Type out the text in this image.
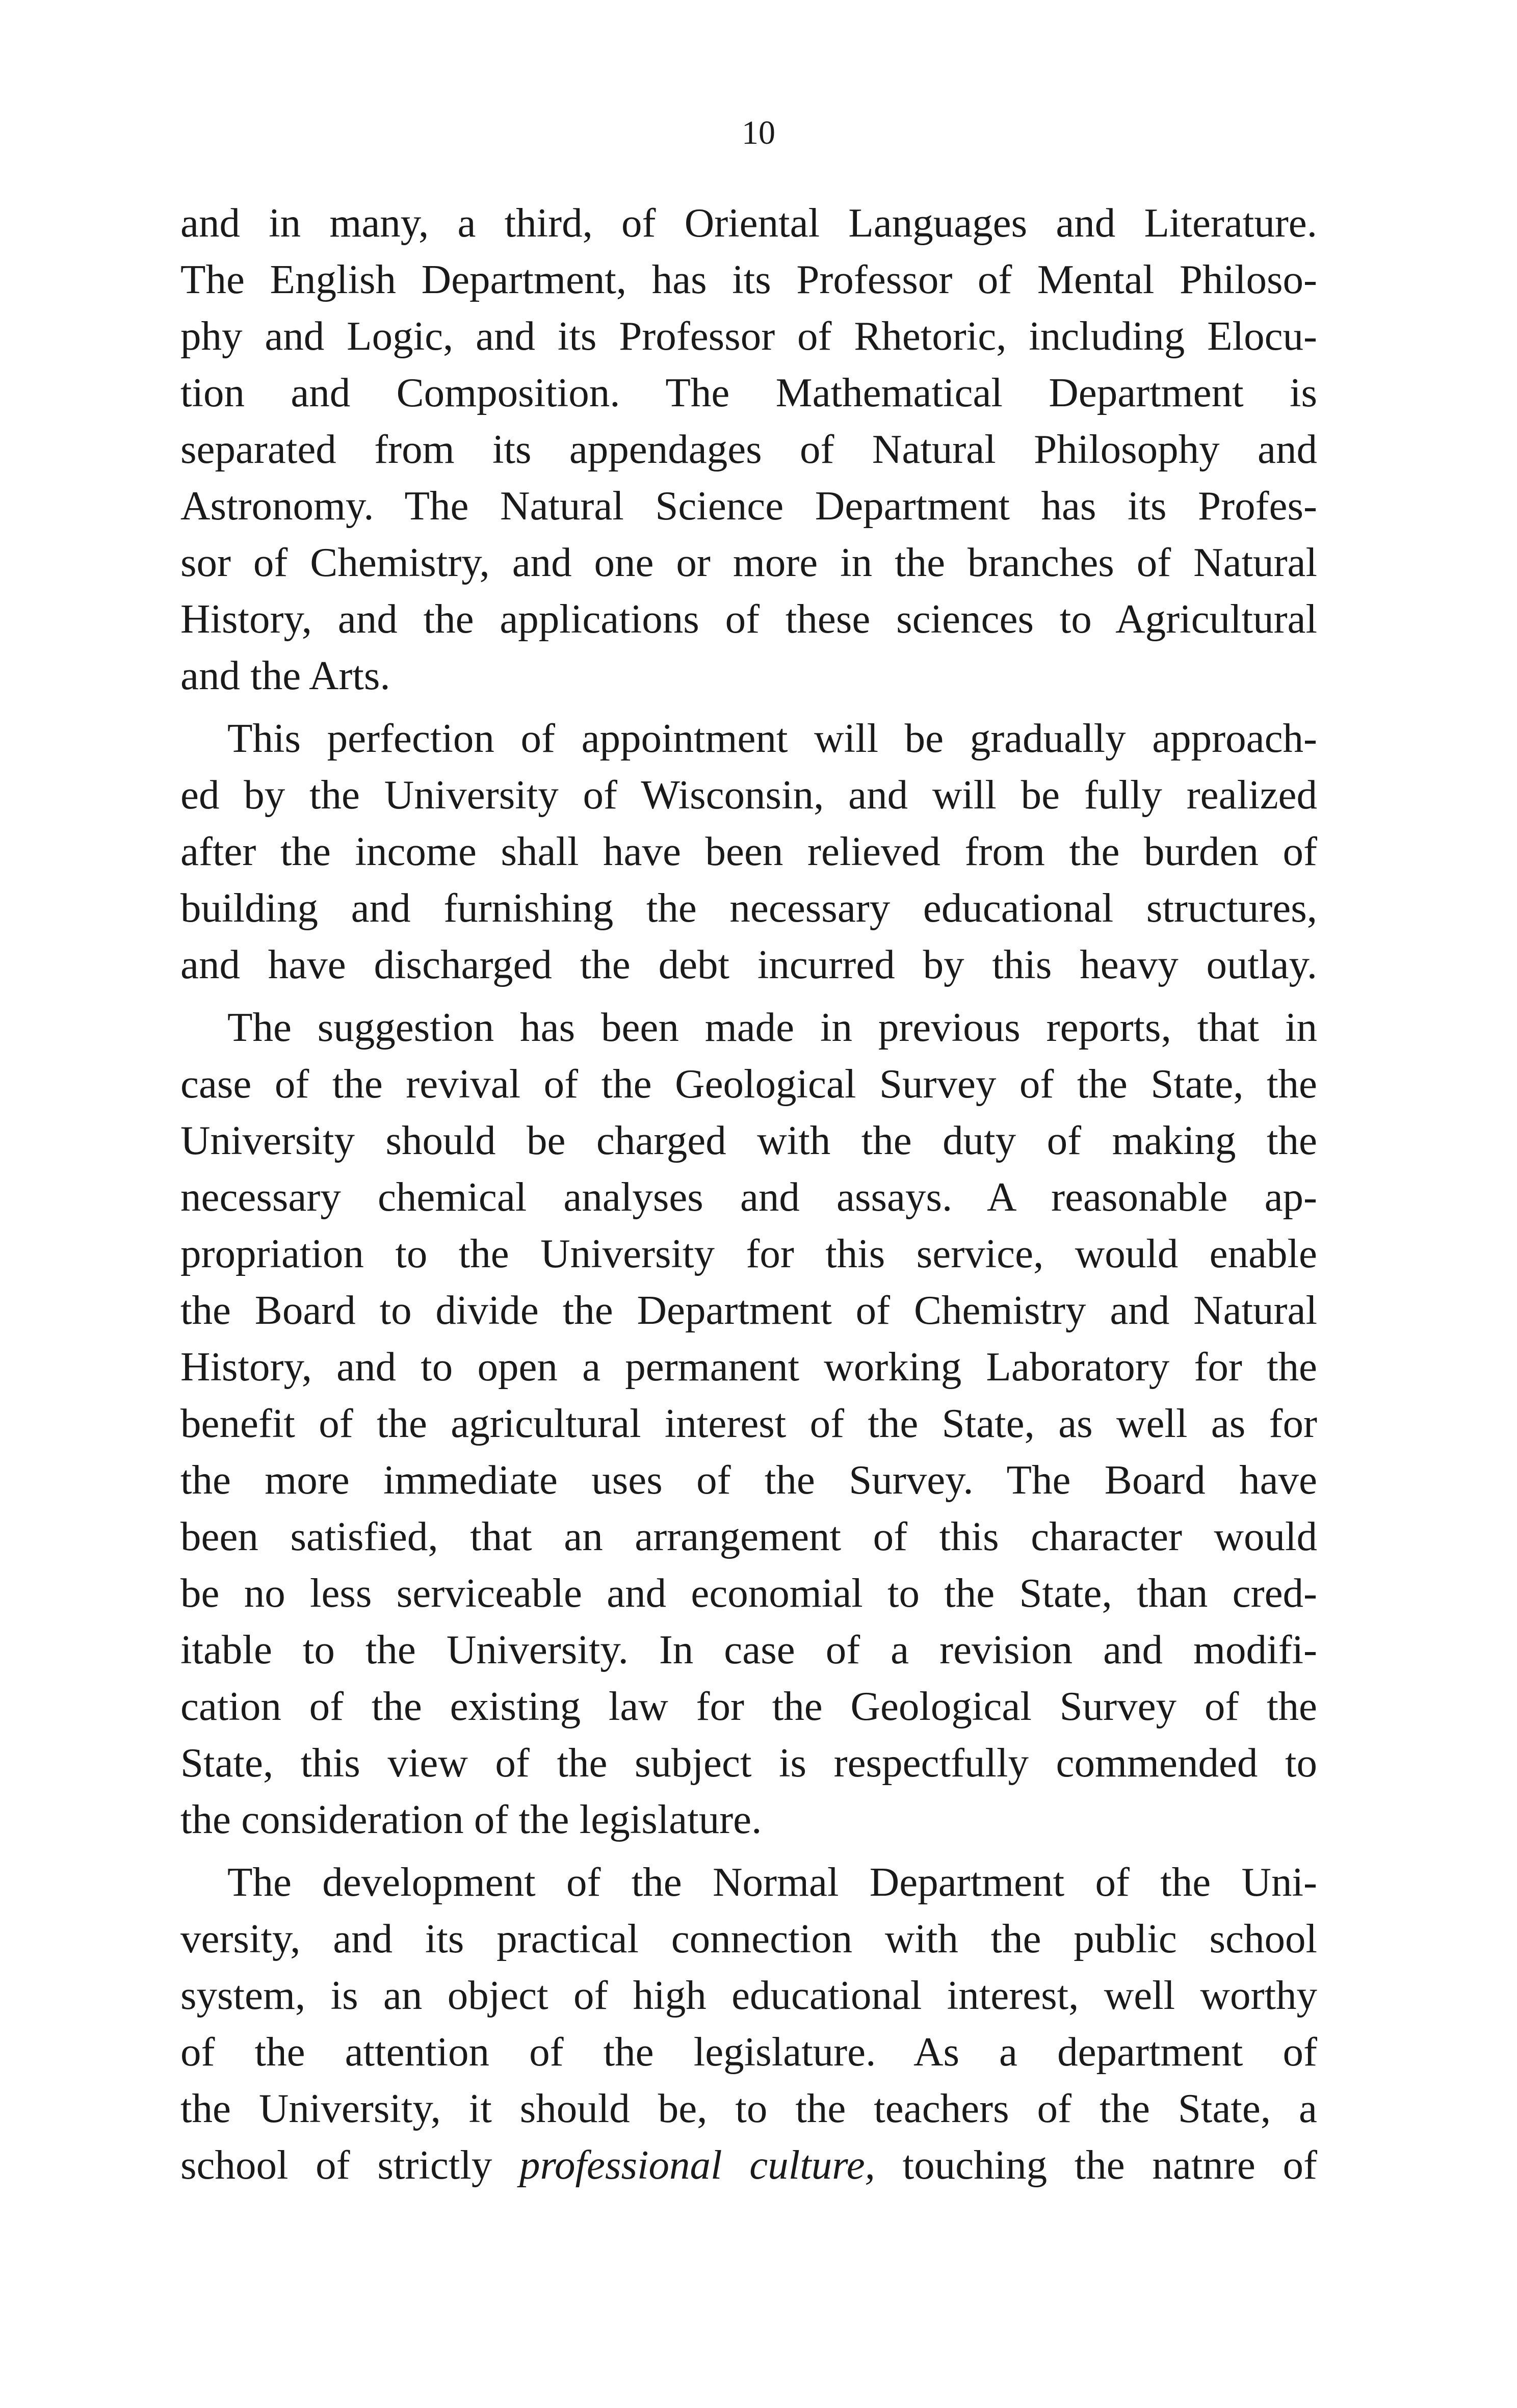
10

and in many, a third, of Oriental Languages and Literature.
The English Department, has its Professor of Mental Philoso-
phy and Logic, and its Professor of Rhetoric, including Elocu-
tion and Composition. The Mathematical Department is
separated from its appendages of Natural Philosophy and
Astronomy. The Natural Science Department has its Profes-
sor of Chemistry, and one or more in the branches of Natural
History, and the applications of these sciences to Agricultural
and the Arts.

This perfection of appointment will be gradually approach-
ed by the University of Wisconsin, and will be fully realized
after the income shall have been relieved from the burden of
building and furnishing the necessary educational structures,
and have discharged the debt incurred by this heavy outlay.

The suggestion has been made in previous reports, that in
case of the revival of the Geological Survey of the State, the
University should be charged with the duty of making the
necessary chemical analyses and assays. A reasonable ap-
propriation to the University for this service, would enable
the Board to divide the Department of Chemistry and Natural
History, and to open a permanent working Laboratory for the
benefit of the agricultural interest of the State, as well as for
the more immediate uses of the Survey. The Board have
been satisfied, that an arrangement of this character would
be no less serviceable and economial to the State, than cred-
itable to the University. In case of a revision and modifi-
cation of the existing law for the Geological Survey of the
State, this view of the subject is respectfully commended to
the consideration of the legislature.

The development of the Normal Department of the Uni-
versity, and its practical connection with the public school
system, is an object of high educational interest, well worthy
of the attention of the legislature. As a department of
the University, it should be, to the teachers of the State, a
school of strictly professional culture, touching the natnre of
